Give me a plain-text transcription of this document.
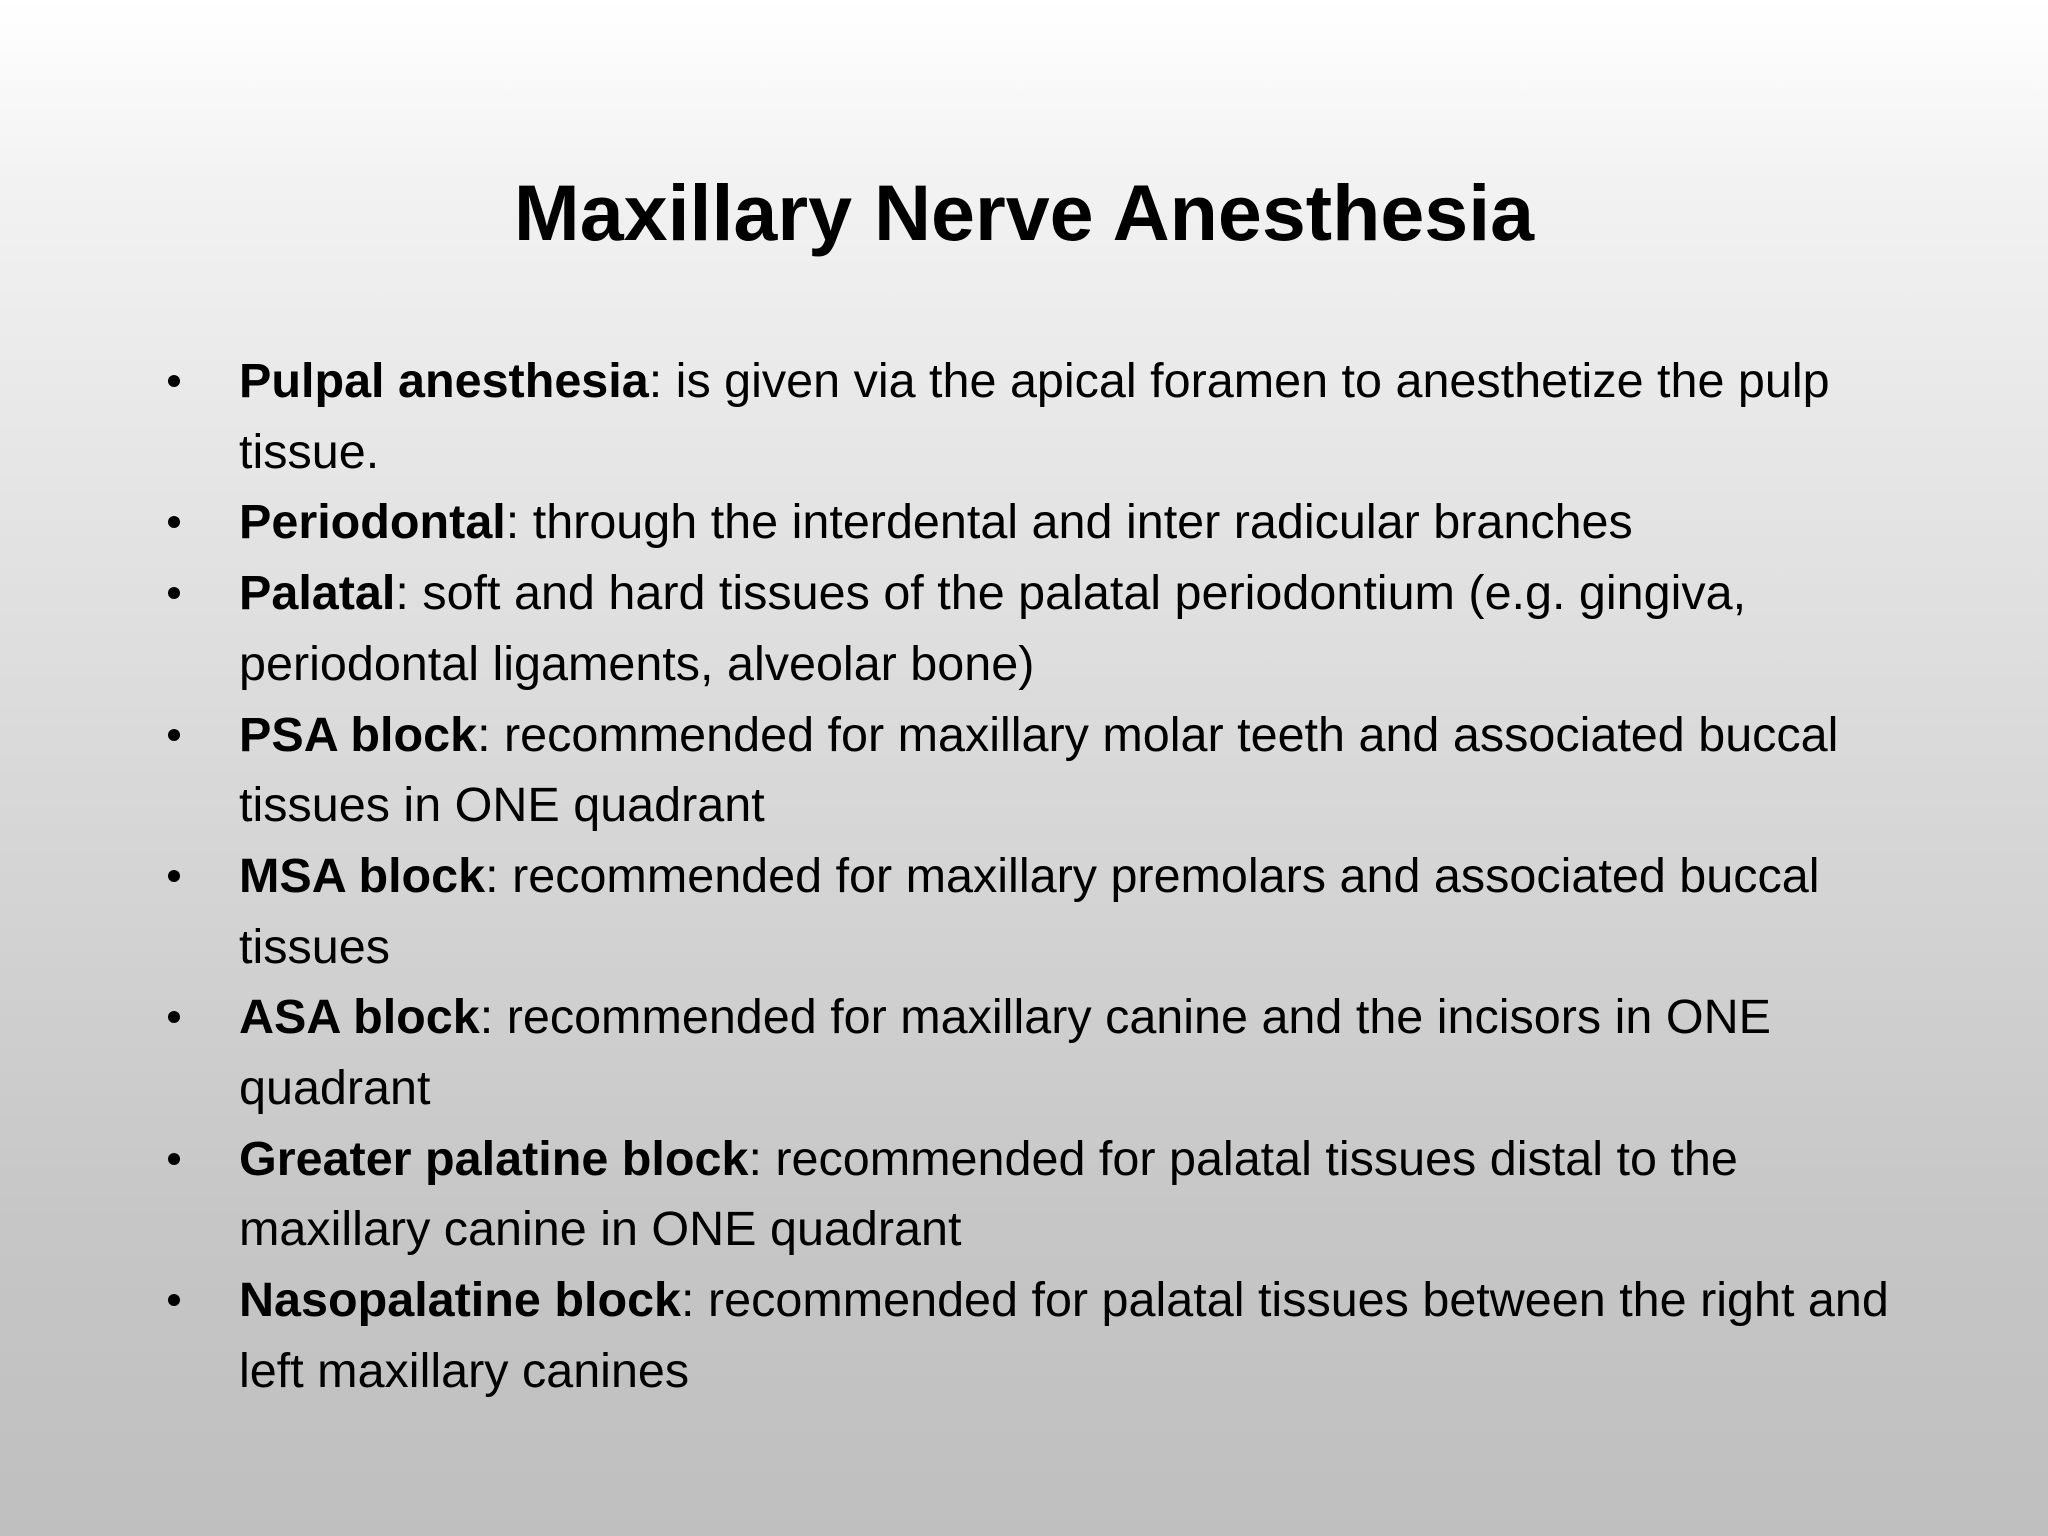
Maxillary Nerve Anesthesia
Pulpal anesthesia: is given via the apical foramen to anesthetize the pulp tissue.
Periodontal: through the interdental and inter radicular branches
Palatal: soft and hard tissues of the palatal periodontium (e.g. gingiva, periodontal ligaments, alveolar bone)
PSA block: recommended for maxillary molar teeth and associated buccal tissues in ONE quadrant
MSA block: recommended for maxillary premolars and associated buccal tissues
ASA block: recommended for maxillary canine and the incisors in ONE quadrant
Greater palatine block: recommended for palatal tissues distal to the maxillary canine in ONE quadrant
Nasopalatine block: recommended for palatal tissues between the right and left maxillary canines
